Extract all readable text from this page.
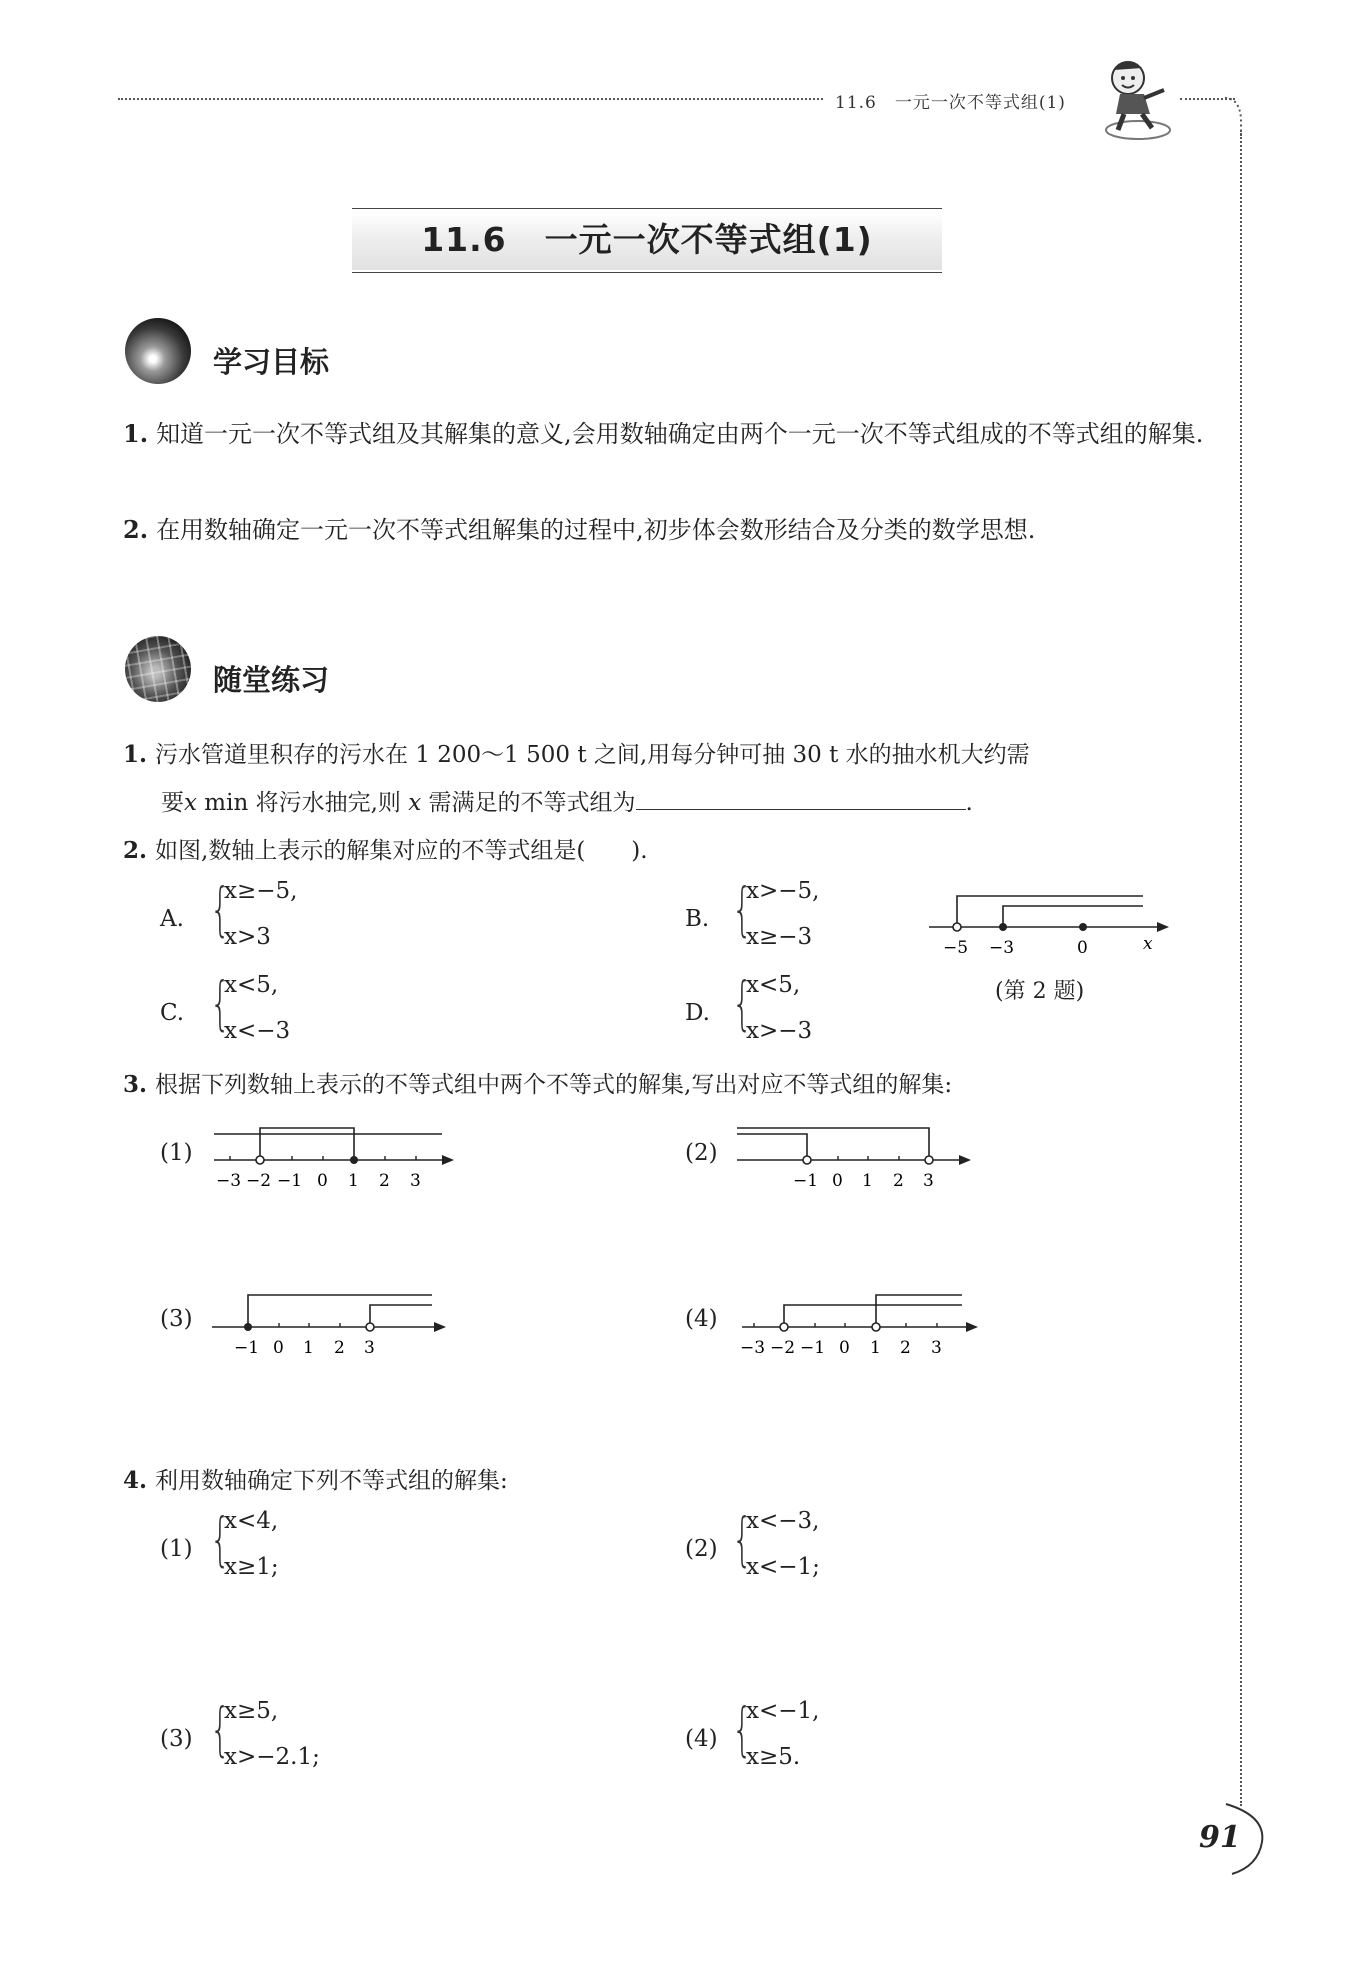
11.6　一元一次不等式组(1)
11.6 一元一次不等式组(1)
学习目标
1. 知道一元一次不等式组及其解集的意义,会用数轴确定由两个一元一次不等式组成的不等式组的解集.
2. 在用数轴确定一元一次不等式组解集的过程中,初步体会数形结合及分类的数学思想.
随堂练习
1. 污水管道里积存的污水在 1 200～1 500 t 之间,用每分钟可抽 30 t 水的抽水机大约需
要x min 将污水抽完,则 x 需满足的不等式组为	.
2. 如图,数轴上表示的解集对应的不等式组是(　　).
A. {
x≥−5,
x>3
B. {
x>−5,
x≥−3
C. {
x<5,
x<−3
D. {
x<5,
x>−3
−5 −3	0	x
(第 2 题)
3. 根据下列数轴上表示的不等式组中两个不等式的解集,写出对应不等式组的解集:
(1)
−3 −2 −1 0 1 2 3
(2)
−1 0 1 2 3
(3)
−1 0 1 2 3
(4)
−3 −2 −1 0 1 2 3
4. 利用数轴确定下列不等式组的解集:
(1) {
x<4,
x≥1;
(2) {
x<−3,
x<−1;
(3) {
x≥5,
x>−2.1;
(4) {
x<−1,
x≥5.
91
